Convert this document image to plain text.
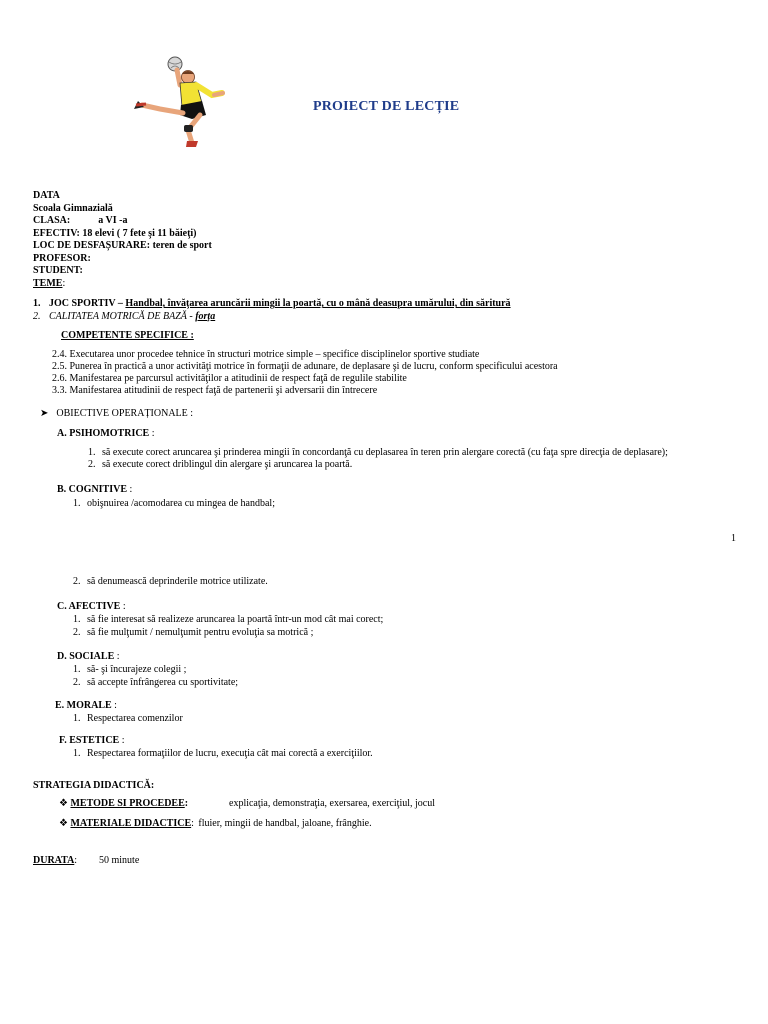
PROIECT DE LECȚIE
DATA
Scoala Gimnazială
CLASA:	a VI -a
EFECTIV: 18 elevi ( 7 fete şi 11 băieţi)
LOC DE DESFAȘURARE: teren de sport
PROFESOR:
STUDENT:
TEME:
1. JOC SPORTIV – Handbal, învăţarea aruncării mingii la poartă, cu o mână deasupra umărului, din săritură
2. CALITATEA MOTRICĂ DE BAZĂ - forța
COMPETENTE SPECIFICE :
2.4. Executarea unor procedee tehnice în structuri motrice simple – specifice disciplinelor sportive studiate
2.5. Punerea în practică a unor activităţi motrice în formaţii de adunare, de deplasare şi de lucru, conform specificului acestora
2.6. Manifestarea pe parcursul activităţilor a atitudinii de respect faţă de regulile stabilite
3.3. Manifestarea atitudinii de respect faţă de partenerii şi adversarii din întrecere
➤ OBIECTIVE OPERAȚIONALE :
A. PSIHOMOTRICE :
1. să execute corect aruncarea şi prinderea mingii în concordanţă cu deplasarea în teren prin alergare corectă (cu faţa spre direcţia de deplasare);
2. să execute corect driblingul din alergare şi aruncarea la poartă.
B. COGNITIVE :
1. obişnuirea /acomodarea cu mingea de handbal;
1
2. să denumească deprinderile motrice utilizate.
C. AFECTIVE :
1. să fie interesat să realizeze aruncarea la poartă într-un mod cât mai corect;
2. să fie mulţumit / nemulţumit pentru evoluţia sa motrică ;
D. SOCIALE :
1. să- şi încurajeze colegii ;
2. să accepte înfrângerea cu sportivitate;
E. MORALE :
1. Respectarea comenzilor
F. ESTETICE :
1. Respectarea formaţiilor de lucru, execuţia cât mai corectă a exerciţiilor.
STRATEGIA DIDACTICĂ:
❖ METODE SI PROCEDEE:	explicaţia, demonstraţia, exersarea, exerciţiul, jocul
❖ MATERIALE DIDACTICE: fluier, mingii de handbal, jaloane, frânghie.
DURATA: 50 minute
